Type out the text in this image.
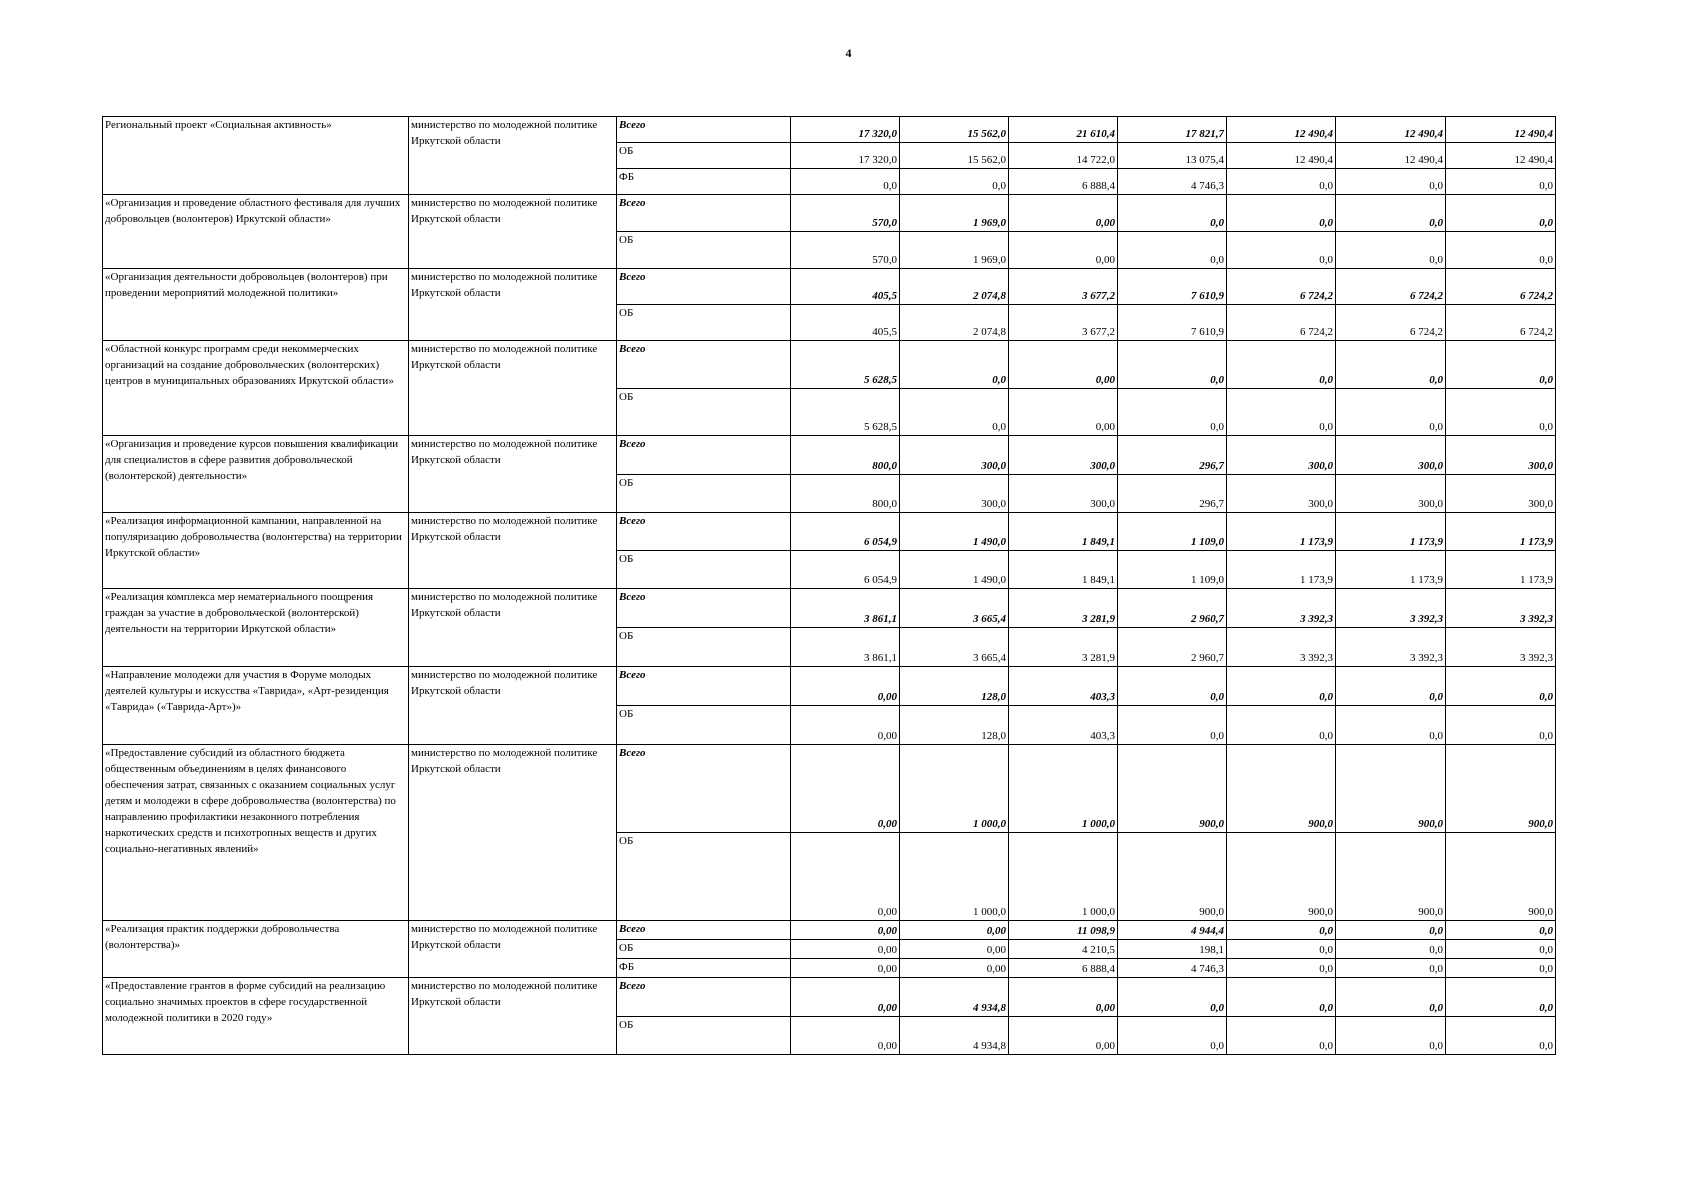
4
Региональный проект «Социальная активность»	министерство по молодежной политике Иркутской области	Всего	17 320,0	15 562,0	21 610,4	17 821,7	12 490,4	12 490,4	12 490,4
		ОБ	17 320,0	15 562,0	14 722,0	13 075,4	12 490,4	12 490,4	12 490,4
		ФБ	0,0	0,0	6 888,4	4 746,3	0,0	0,0	0,0
«Организация и проведение областного фестиваля для лучших добровольцев (волонтеров) Иркутской области»	министерство по молодежной политике Иркутской области	Всего	570,0	1 969,0	0,00	0,0	0,0	0,0	0,0
		ОБ	570,0	1 969,0	0,00	0,0	0,0	0,0	0,0
«Организация деятельности добровольцев (волонтеров) при проведении мероприятий молодежной политики»	министерство по молодежной политике Иркутской области	Всего	405,5	2 074,8	3 677,2	7 610,9	6 724,2	6 724,2	6 724,2
		ОБ	405,5	2 074,8	3 677,2	7 610,9	6 724,2	6 724,2	6 724,2
«Областной конкурс программ среди некоммерческих организаций на создание добровольческих (волонтерских) центров в муниципальных образованиях Иркутской области»	министерство по молодежной политике Иркутской области	Всего	5 628,5	0,0	0,00	0,0	0,0	0,0	0,0
		ОБ	5 628,5	0,0	0,00	0,0	0,0	0,0	0,0
«Организация и проведение курсов повышения квалификации для специалистов в сфере развития добровольческой (волонтерской) деятельности»	министерство по молодежной политике Иркутской области	Всего	800,0	300,0	300,0	296,7	300,0	300,0	300,0
		ОБ	800,0	300,0	300,0	296,7	300,0	300,0	300,0
«Реализация информационной кампании, направленной на популяризацию добровольчества (волонтерства) на территории Иркутской области»	министерство по молодежной политике Иркутской области	Всего	6 054,9	1 490,0	1 849,1	1 109,0	1 173,9	1 173,9	1 173,9
		ОБ	6 054,9	1 490,0	1 849,1	1 109,0	1 173,9	1 173,9	1 173,9
«Реализация комплекса мер нематериального поощрения граждан за участие в добровольческой (волонтерской) деятельности на территории Иркутской области»	министерство по молодежной политике Иркутской области	Всего	3 861,1	3 665,4	3 281,9	2 960,7	3 392,3	3 392,3	3 392,3
		ОБ	3 861,1	3 665,4	3 281,9	2 960,7	3 392,3	3 392,3	3 392,3
«Направление молодежи для участия в Форуме молодых деятелей культуры и искусства «Таврида», «Арт-резиденция «Таврида» («Таврида-Арт»)»	министерство по молодежной политике Иркутской области	Всего	0,00	128,0	403,3	0,0	0,0	0,0	0,0
		ОБ	0,00	128,0	403,3	0,0	0,0	0,0	0,0
«Предоставление субсидий из областного бюджета общественным объединениям в целях финансового обеспечения затрат, связанных с оказанием социальных услуг детям и молодежи в сфере добровольчества (волонтерства) по направлению профилактики незаконного потребления наркотических средств и психотропных веществ и других социально-негативных явлений»	министерство по молодежной политике Иркутской области	Всего	0,00	1 000,0	1 000,0	900,0	900,0	900,0	900,0
		ОБ	0,00	1 000,0	1 000,0	900,0	900,0	900,0	900,0
«Реализация практик поддержки добровольчества (волонтерства)»	министерство по молодежной политике Иркутской области	Всего	0,00	0,00	11 098,9	4 944,4	0,0	0,0	0,0
		ОБ	0,00	0,00	4 210,5	198,1	0,0	0,0	0,0
		ФБ	0,00	0,00	6 888,4	4 746,3	0,0	0,0	0,0
«Предоставление грантов в форме субсидий на реализацию социально значимых проектов в сфере государственной молодежной политики в 2020 году»	министерство по молодежной политике Иркутской области	Всего	0,00	4 934,8	0,00	0,0	0,0	0,0	0,0
		ОБ	0,00	4 934,8	0,00	0,0	0,0	0,0	0,0
